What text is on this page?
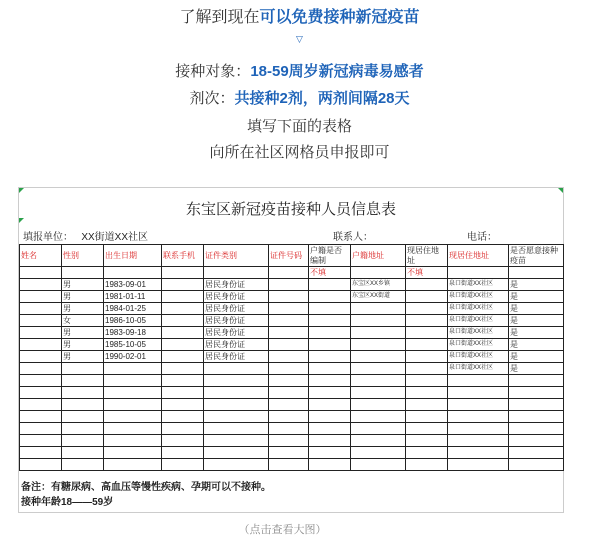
了解到现在可以免费接种新冠疫苗
▽
接种对象：18-59周岁新冠病毒易感者
剂次：共接种2剂，两剂间隔28天
填写下面的表格
向所在社区网格员申报即可
东宝区新冠疫苗接种人员信息表
填报单位： XX街道XX社区	联系人：	电话：
姓名	性别	出生日期	联系手机	证件类别	证件号码	户籍是否编制	户籍地址	现居住地址	现居住地址	是否愿意接种疫苗
						不填		不填		
	男	1983-09-01		居民身份证			东宝区XX乡镇		泉口街道XX社区	是
	男	1981-01-11		居民身份证			东宝区XX街道		泉口街道XX社区	是
	男	1984-01-25		居民身份证					泉口街道XX社区	是
	女	1986-10-05		居民身份证					泉口街道XX社区	是
	男	1983-09-18		居民身份证					泉口街道XX社区	是
	男	1985-10-05		居民身份证					泉口街道XX社区	是
	男	1990-02-01		居民身份证					泉口街道XX社区	是
									泉口街道XX社区	是

备注：有糖尿病、高血压等慢性疾病、孕期可以不接种。
接种年龄18——59岁
（点击查看大图）
